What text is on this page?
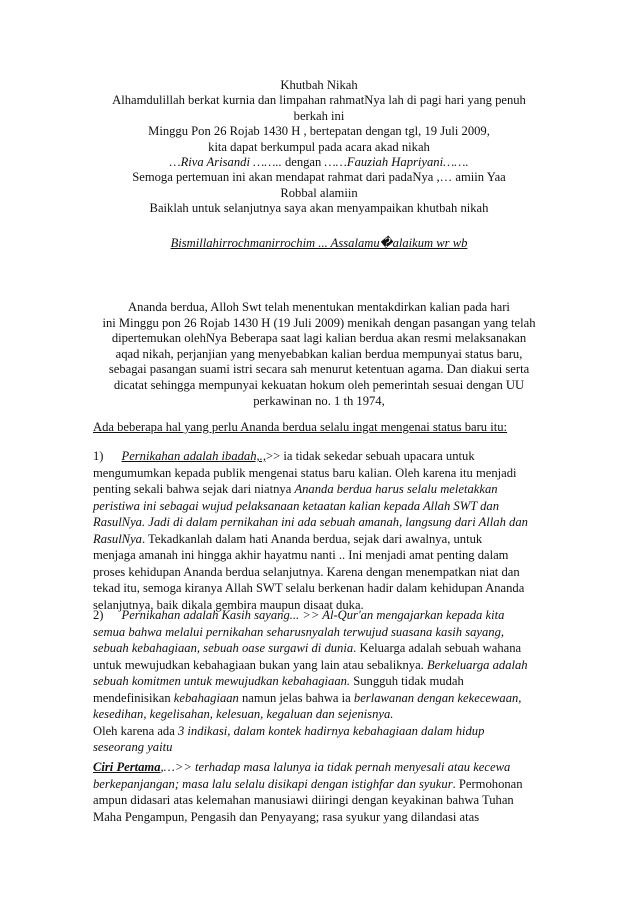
Khutbah Nikah
Alhamdulillah berkat kurnia dan limpahan rahmatNya lah di pagi hari yang penuh
berkah ini
Minggu Pon 26 Rojab 1430 H , bertepatan dengan tgl, 19 Juli 2009,
kita dapat berkumpul pada acara akad nikah
…Riva Arisandi …….. dengan ……Fauziah Hapriyani…….
Semoga pertemuan ini akan mendapat rahmat dari padaNya ,… amiin Yaa
Robbal alamiin
Baiklah untuk selanjutnya saya akan menyampaikan khutbah nikah
Bismillahirrochmanirrochim ... Assalamu�alaikum wr wb
Ananda berdua, Alloh Swt telah menentukan mentakdirkan kalian pada hari
ini Minggu pon 26 Rojab 1430 H (19 Juli 2009) menikah dengan pasangan yang telah
dipertemukan olehNya Beberapa saat lagi kalian berdua akan resmi melaksanakan
aqad nikah, perjanjian yang menyebabkan kalian berdua mempunyai status baru,
sebagai pasangan suami istri secara sah menurut ketentuan agama. Dan diakui serta
dicatat sehingga mempunyai kekuatan hokum oleh pemerintah sesuai dengan UU
perkawinan no. 1 th 1974,
Ada beberapa hal yang perlu Ananda berdua selalu ingat mengenai status baru itu:
1) Pernikahan adalah ibadah,.,>> ia tidak sekedar sebuah upacara untuk
mengumumkan kepada publik mengenai status baru kalian. Oleh karena itu menjadi
penting sekali bahwa sejak dari niatnya Ananda berdua harus selalu meletakkan
peristiwa ini sebagai wujud pelaksanaan ketaatan kalian kepada Allah SWT dan
RasulNya. Jadi di dalam pernikahan ini ada sebuah amanah, langsung dari Allah dan
RasulNya. Tekadkanlah dalam hati Ananda berdua, sejak dari awalnya, untuk
menjaga amanah ini hingga akhir hayatmu nanti .. Ini menjadi amat penting dalam
proses kehidupan Ananda berdua selanjutnya. Karena dengan menempatkan niat dan
tekad itu, semoga kiranya Allah SWT selalu berkenan hadir dalam kehidupan Ananda
selanjutnya, baik dikala gembira maupun disaat duka.
2) Pernikahan adalah Kasih sayang... >> Al-Qur'an mengajarkan kepada kita
semua bahwa melalui pernikahan seharusnyalah terwujud suasana kasih sayang,
sebuah kebahagiaan, sebuah oase surgawi di dunia. Keluarga adalah sebuah wahana
untuk mewujudkan kebahagiaan bukan yang lain atau sebaliknya. Berkeluarga adalah
sebuah komitmen untuk mewujudkan kebahagiaan. Sungguh tidak mudah
mendefinisikan kebahagiaan namun jelas bahwa ia berlawanan dengan kekecewaan,
kesedihan, kegelisahan, kelesuan, kegaluan dan sejenisnya.
Oleh karena ada 3 indikasi, dalam kontek hadirnya kebahagiaan dalam hidup
seseorang yaitu
Ciri Pertama,…>> terhadap masa lalunya ia tidak pernah menyesali atau kecewa
berkepanjangan; masa lalu selalu disikapi dengan istighfar dan syukur. Permohonan
ampun didasari atas kelemahan manusiawi diiringi dengan keyakinan bahwa Tuhan
Maha Pengampun, Pengasih dan Penyayang; rasa syukur yang dilandasi atas
